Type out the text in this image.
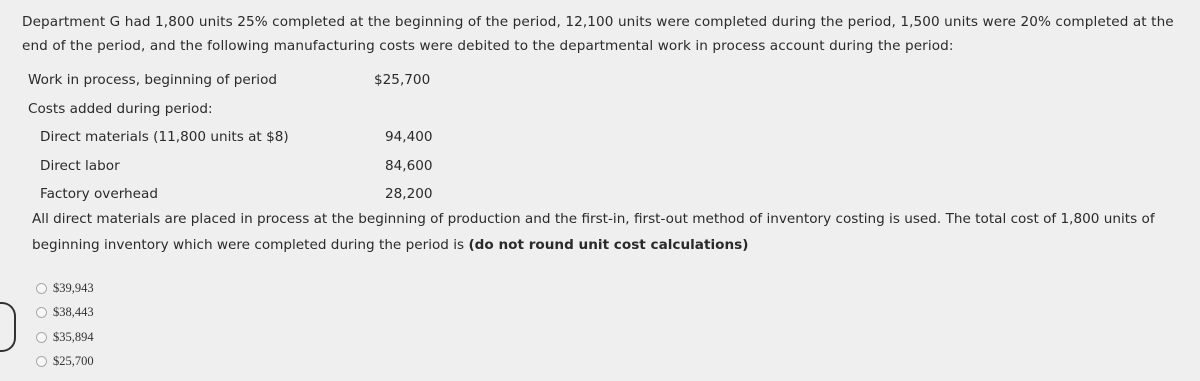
Department G had 1,800 units 25% completed at the beginning of the period, 12,100 units were completed during the period, 1,500 units were 20% completed at the end of the period, and the following manufacturing costs were debited to the departmental work in process account during the period:
Work in process, beginning of period	$25,700
Costs added during period:
Direct materials (11,800 units at $8)	94,400
Direct labor	84,600
Factory overhead	28,200
All direct materials are placed in process at the beginning of production and the first-in, first-out method of inventory costing is used. The total cost of 1,800 units of beginning inventory which were completed during the period is (do not round unit cost calculations)
$39,943
$38,443
$35,894
$25,700
